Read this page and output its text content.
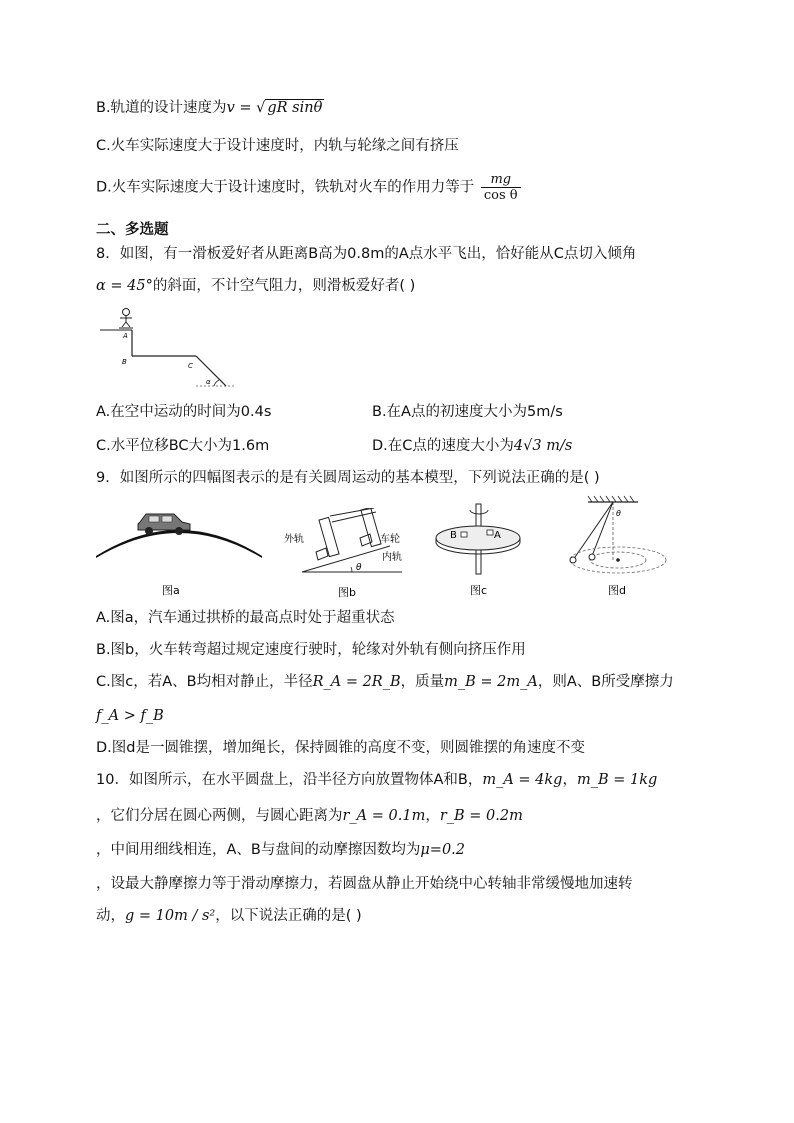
B.轨道的设计速度为v = √ gR sinθ
C.火车实际速度大于设计速度时，内轨与轮缘之间有挤压
D.火车实际速度大于设计速度时，铁轨对火车的作用力等于 $\frac{mg}{\text{cos θ}}$
二、多选题
8．如图，有一滑板爱好者从距离B高为0.8m的A点水平飞出，恰好能从C点切入倾角
α = 45°的斜面，不计空气阻力，则滑板爱好者( )
A
B	C
α
A.在空中运动的时间为0.4s	B.在A点的初速度大小为5m/s
C.水平位移BC大小为1.6m	D.在C点的速度大小为4√3 m/s
9．如图所示的四幅图表示的是有关圆周运动的基本模型，下列说法正确的是( )
图a
外轨	车轮
内轨
θ
图b
B	A
图c
θ
图d
A.图a，汽车通过拱桥的最高点时处于超重状态
B.图b，火车转弯超过规定速度行驶时，轮缘对外轨有侧向挤压作用
C.图c，若A、B均相对静止，半径R_A = 2R_B，质量m_B = 2m_A，则A、B所受摩擦力
f_A > f_B
D.图d是一圆锥摆，增加绳长，保持圆锥的高度不变，则圆锥摆的角速度不变
10．如图所示，在水平圆盘上，沿半径方向放置物体A和B，m_A = 4kg，m_B = 1kg
，它们分居在圆心两侧，与圆心距离为r_A = 0.1m，r_B = 0.2m
，中间用细线相连，A、B与盘间的动摩擦因数均为μ=0.2
，设最大静摩擦力等于滑动摩擦力，若圆盘从静止开始绕中心转轴非常缓慢地加速转
动，g = 10m / s²，以下说法正确的是( )
